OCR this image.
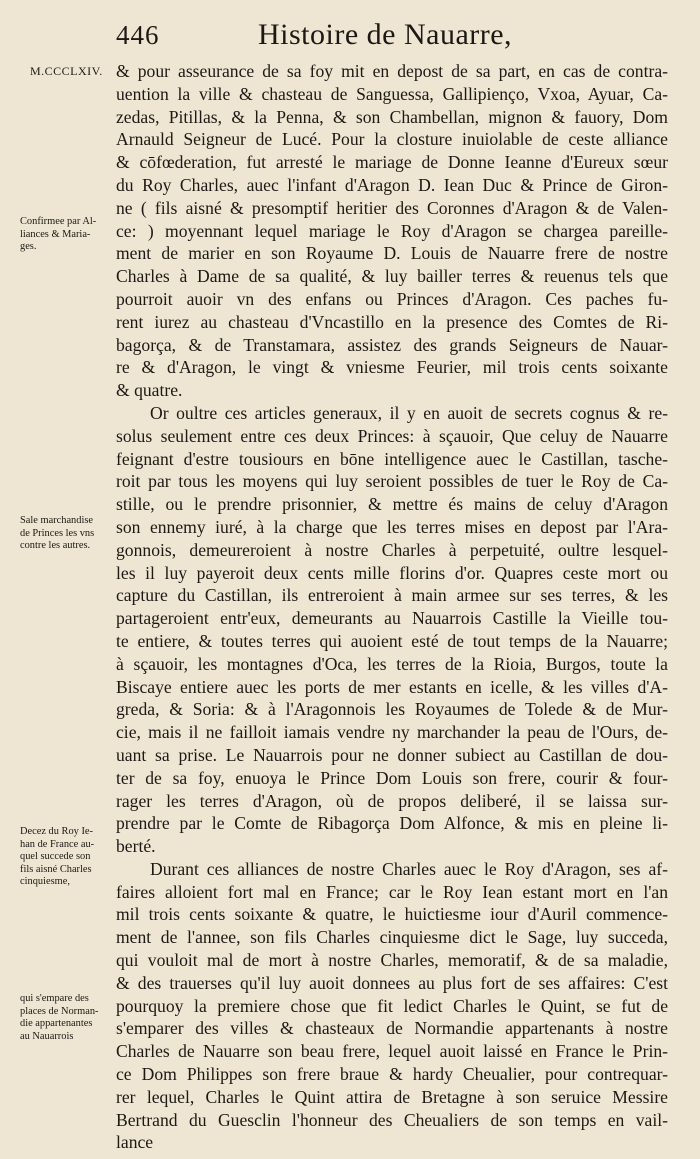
446	Histoire de Nauarre,
M.CCCLXIV.

Confirmee par Al-
liances & Maria-
ges.

Sale marchandise
de Princes les vns
contre les autres.

Decez du Roy Ie-
han de France au-
quel succede son
fils aisné Charles
cinquiesme,

qui s'empare des
places de Norman-
die appartenantes
au Nauarrois

& pour asseurance de sa foy mit en depost de sa part, en cas de contra-
uention la ville & chasteau de Sanguessa, Gallipienço, Vxoa, Ayuar, Ca-
zedas, Pitillas, & la Penna, & son Chambellan, mignon & fauory, Dom
Arnauld Seigneur de Lucé. Pour la closture inuiolable de ceste alliance
& cōfœderation, fut arresté le mariage de Donne Ieanne d'Eureux sœur
du Roy Charles, auec l'infant d'Aragon D. Iean Duc & Prince de Giron-
ne ( fils aisné & presomptif heritier des Coronnes d'Aragon & de Valen-
ce: ) moyennant lequel mariage le Roy d'Aragon se chargea pareille-
ment de marier en son Royaume D. Louis de Nauarre frere de nostre
Charles à Dame de sa qualité, & luy bailler terres & reuenus tels que
pourroit auoir vn des enfans ou Princes d'Aragon. Ces paches fu-
rent iurez au chasteau d'Vncastillo en la presence des Comtes de Ri-
bagorça, & de Transtamara, assistez des grands Seigneurs de Nauar-
re & d'Aragon, le vingt & vniesme Feurier, mil trois cents soixante
& quatre.
Or oultre ces articles generaux, il y en auoit de secrets cognus & re-
solus seulement entre ces deux Princes: à sçauoir, Que celuy de Nauarre
feignant d'estre tousiours en bōne intelligence auec le Castillan, tasche-
roit par tous les moyens qui luy seroient possibles de tuer le Roy de Ca-
stille, ou le prendre prisonnier, & mettre és mains de celuy d'Aragon
son ennemy iuré, à la charge que les terres mises en depost par l'Ara-
gonnois, demeureroient à nostre Charles à perpetuité, oultre lesquel-
les il luy payeroit deux cents mille florins d'or. Quapres ceste mort ou
capture du Castillan, ils entreroient à main armee sur ses terres, & les
partageroient entr'eux, demeurants au Nauarrois Castille la Vieille tou-
te entiere, & toutes terres qui auoient esté de tout temps de la Nauarre;
à sçauoir, les montagnes d'Oca, les terres de la Rioia, Burgos, toute la
Biscaye entiere auec les ports de mer estants en icelle, & les villes d'A-
greda, & Soria: & à l'Aragonnois les Royaumes de Tolede & de Mur-
cie, mais il ne failloit iamais vendre ny marchander la peau de l'Ours, de-
uant sa prise. Le Nauarrois pour ne donner subiect au Castillan de dou-
ter de sa foy, enuoya le Prince Dom Louis son frere, courir & four-
rager les terres d'Aragon, où de propos deliberé, il se laissa sur-
prendre par le Comte de Ribagorça Dom Alfonce, & mis en pleine li-
berté.
Durant ces alliances de nostre Charles auec le Roy d'Aragon, ses af-
faires alloient fort mal en France; car le Roy Iean estant mort en l'an
mil trois cents soixante & quatre, le huictiesme iour d'Auril commence-
ment de l'annee, son fils Charles cinquiesme dict le Sage, luy succeda,
qui vouloit mal de mort à nostre Charles, memoratif, & de sa maladie,
& des trauerses qu'il luy auoit donnees au plus fort de ses affaires: C'est
pourquoy la premiere chose que fit ledict Charles le Quint, se fut de
s'emparer des villes & chasteaux de Normandie appartenants à nostre
Charles de Nauarre son beau frere, lequel auoit laissé en France le Prin-
ce Dom Philippes son frere braue & hardy Cheualier, pour contrequar-
rer lequel, Charles le Quint attira de Bretagne à son seruice Messire
Bertrand du Guesclin l'honneur des Cheualiers de son temps en vail-
lance
